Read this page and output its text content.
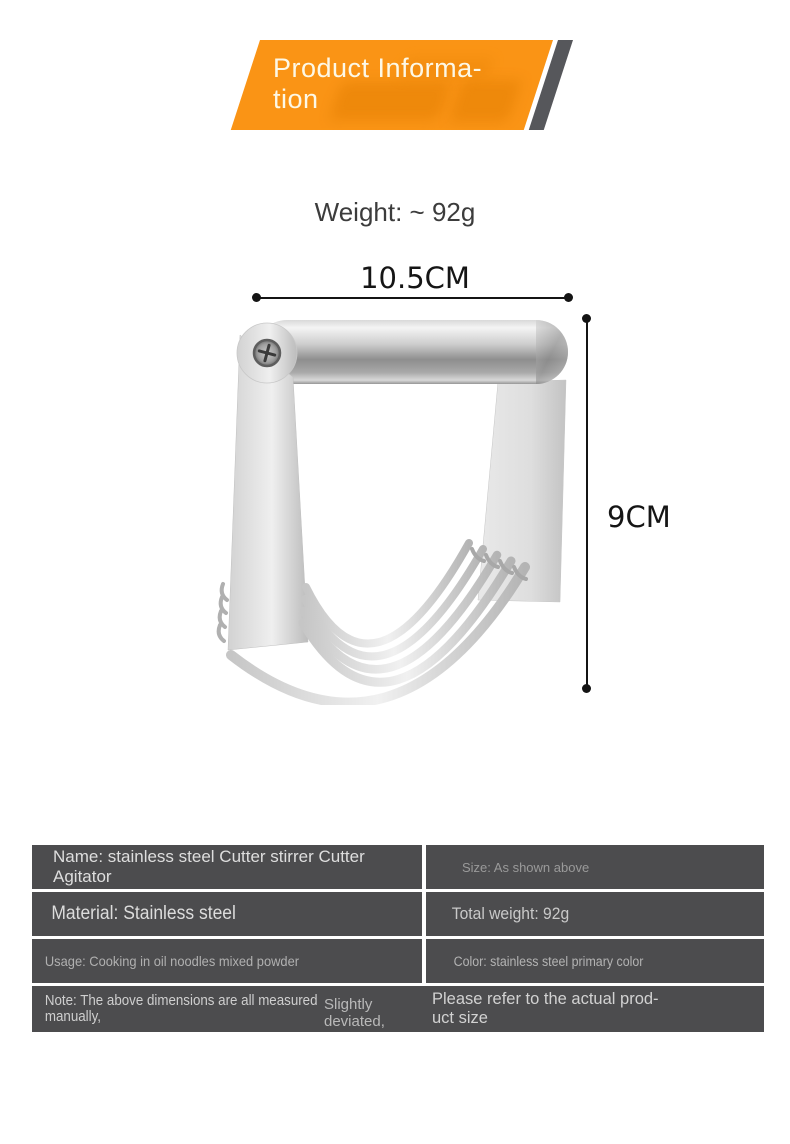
Product Informa-
tion
Weight: ~ 92g
10.5CM
9CM
Name: stainless steel Cutter stirrer Cutter Agitator	Size: As shown above
Material: Stainless steel	Total weight: 92g
Usage: Cooking in oil noodles mixed powder	Color: stainless steel primary color
Note: The above dimensions are all measured
manually,
Slightly deviated,
Please refer to the actual prod-
uct size
